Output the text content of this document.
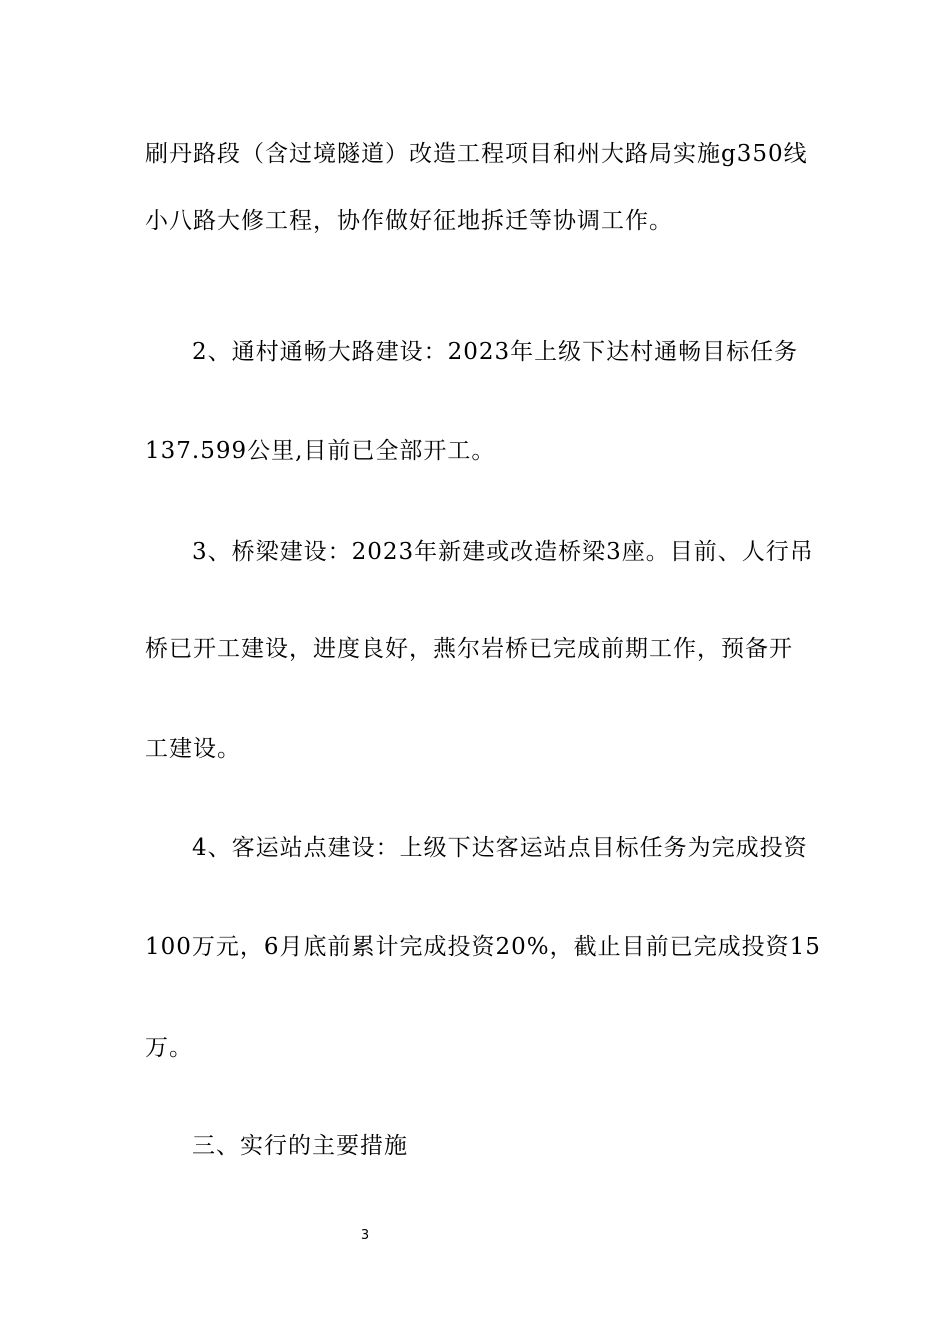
刷丹路段（含过境隧道）改造工程项目和州大路局实施g350线
小八路大修工程，协作做好征地拆迁等协调工作。
2、通村通畅大路建设：2023年上级下达村通畅目标任务
137.599公里,目前已全部开工。
3、桥梁建设：2023年新建或改造桥梁3座。目前、人行吊
桥已开工建设，进度良好，燕尔岩桥已完成前期工作，预备开
工建设。
4、客运站点建设：上级下达客运站点目标任务为完成投资
100万元，6月底前累计完成投资20%，截止目前已完成投资15
万。
三、实行的主要措施
3
